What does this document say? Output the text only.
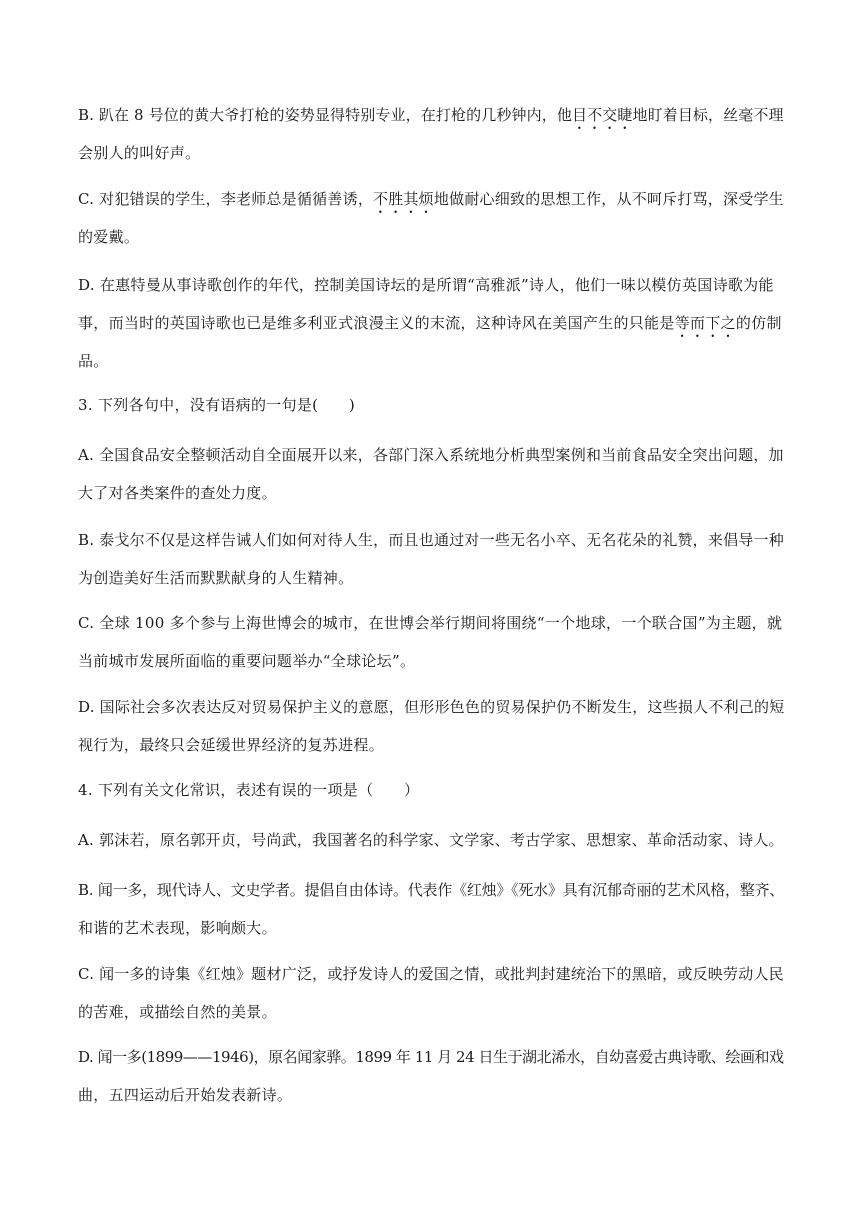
B. 趴在 8 号位的黄大爷打枪的姿势显得特别专业，在打枪的几秒钟内，他目不交睫地盯着目标，丝毫不理
会别人的叫好声。

C. 对犯错误的学生，李老师总是循循善诱，不胜其烦地做耐心细致的思想工作，从不呵斥打骂，深受学生
的爱戴。

D. 在惠特曼从事诗歌创作的年代，控制美国诗坛的是所谓“高雅派”诗人，他们一味以模仿英国诗歌为能
事，而当时的英国诗歌也已是维多利亚式浪漫主义的末流，这种诗风在美国产生的只能是等而下之的仿制
品。

3. 下列各句中，没有语病的一句是(　　)

A. 全国食品安全整顿活动自全面展开以来，各部门深入系统地分析典型案例和当前食品安全突出问题，加
大了对各类案件的查处力度。

B. 泰戈尔不仅是这样告诫人们如何对待人生，而且也通过对一些无名小卒、无名花朵的礼赞，来倡导一种
为创造美好生活而默默献身的人生精神。

C. 全球 100 多个参与上海世博会的城市，在世博会举行期间将围绕“一个地球，一个联合国”为主题，就
当前城市发展所面临的重要问题举办“全球论坛”。

D. 国际社会多次表达反对贸易保护主义的意愿，但形形色色的贸易保护仍不断发生，这些损人不利己的短
视行为，最终只会延缓世界经济的复苏进程。

4. 下列有关文化常识，表述有误的一项是（　　）

A. 郭沫若，原名郭开贞，号尚武，我国著名的科学家、文学家、考古学家、思想家、革命活动家、诗人。

B. 闻一多，现代诗人、文史学者。提倡自由体诗。代表作《红烛》《死水》具有沉郁奇丽的艺术风格，整齐、
和谐的艺术表现，影响颇大。

C. 闻一多的诗集《红烛》题材广泛，或抒发诗人的爱国之情，或批判封建统治下的黑暗，或反映劳动人民
的苦难，或描绘自然的美景。

D. 闻一多(1899——1946)，原名闻家骅。1899 年 11 月 24 日生于湖北浠水，自幼喜爱古典诗歌、绘画和戏
曲，五四运动后开始发表新诗。
